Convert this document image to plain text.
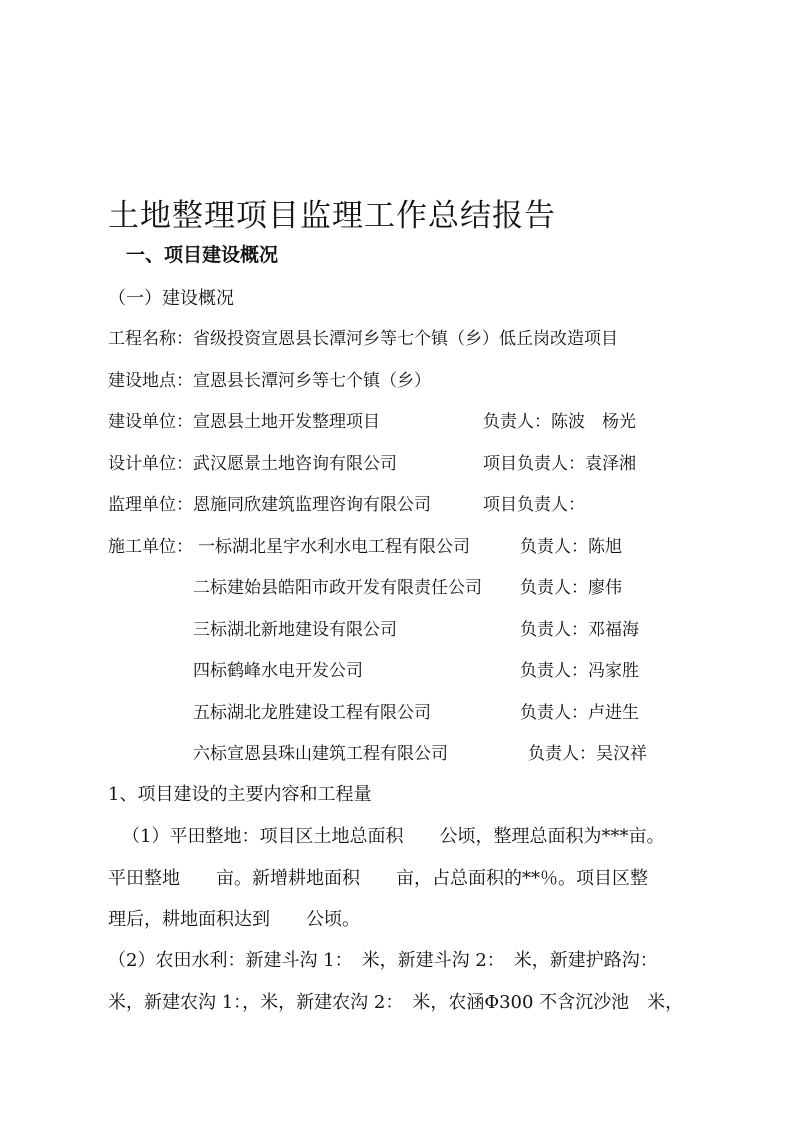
土地整理项目监理工作总结报告
一、项目建设概况
（一）建设概况
工程名称：省级投资宣恩县长潭河乡等七个镇（乡）低丘岗改造项目
建设地点：宣恩县长潭河乡等七个镇（乡）
建设单位：宣恩县土地开发整理项目	负责人：陈波　杨光
设计单位：武汉愿景土地咨询有限公司	项目负责人：袁泽湘
监理单位：恩施同欣建筑监理咨询有限公司	项目负责人：
施工单位： 一标湖北星宇水利水电工程有限公司	负责人：陈旭
二标建始县皓阳市政开发有限责任公司 负责人：廖伟
三标湖北新地建设有限公司	负责人：邓福海
四标鹤峰水电开发公司	负责人：冯家胜
五标湖北龙胜建设工程有限公司	负责人：卢进生
六标宣恩县珠山建筑工程有限公司	负责人：吴汉祥
1、项目建设的主要内容和工程量
（1）平田整地：项目区土地总面积　　公顷，整理总面积为***亩。
平田整地　　亩。新增耕地面积　　亩，占总面积的**％。项目区整
理后，耕地面积达到　　公顷。
（2）农田水利：新建斗沟 1：　米，新建斗沟 2：　米，新建护路沟：
米，新建农沟 1：，米，新建农沟 2：　米，农涵Φ300 不含沉沙池　米，
